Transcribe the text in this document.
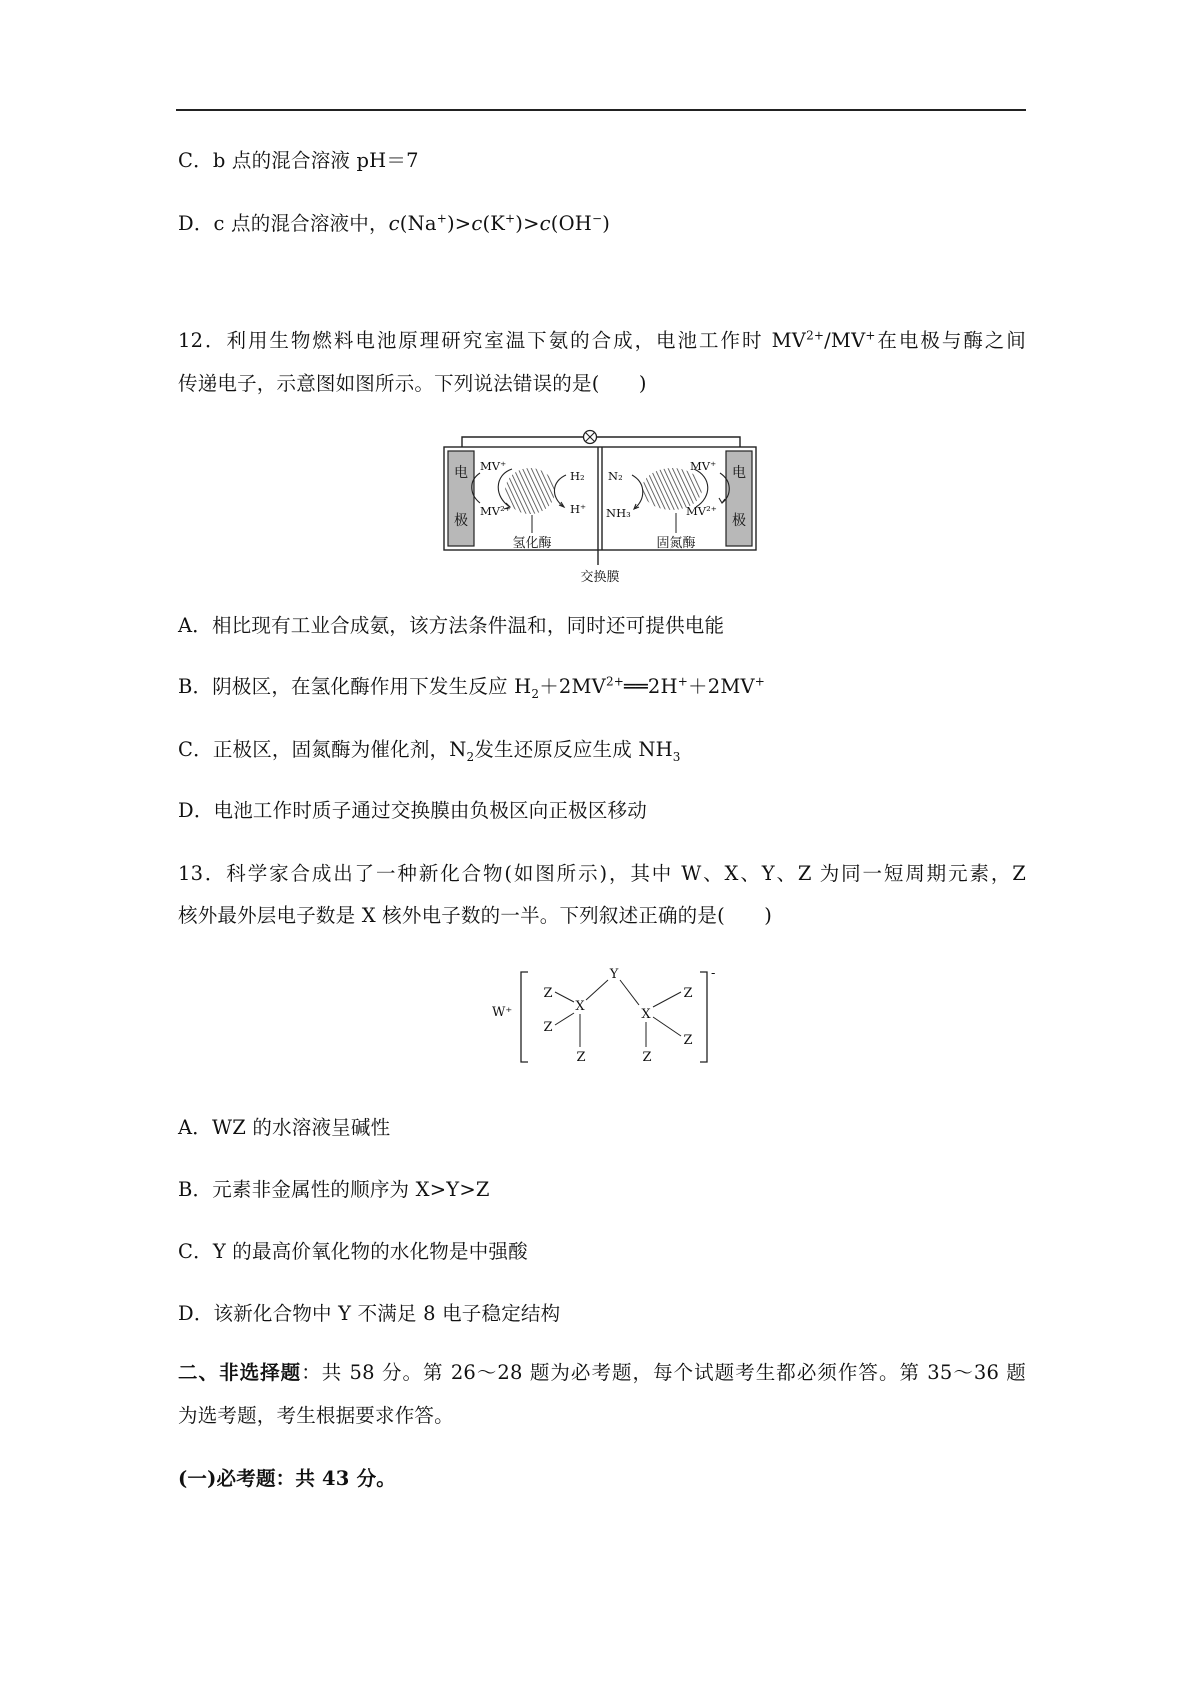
C．b 点的混合溶液 pH＝7
D．c 点的混合溶液中，c(Na+)>c(K+)>c(OH−)
12．利用生物燃料电池原理研究室温下氨的合成，电池工作时 $MV^{2+}/MV^+$在电极与酶之间
传递电子，示意图如图所示。下列说法错误的是(　　)
电
极
电
极
MV⁺
MV²⁺
H₂
H⁺
氢化酶
N₂
NH₃
MV⁺
MV²⁺
固氮酶
交换膜
A．相比现有工业合成氨，该方法条件温和，同时还可提供电能
B．阴极区，在氢化酶作用下发生反应 $H_2+2MV^{2+}══2H^++2MV^+$
C．正极区，固氮酶为催化剂，$N_2$发生还原反应生成 $NH_3$
D．电池工作时质子通过交换膜由负极区向正极区移动
13．科学家合成出了一种新化合物(如图所示)，其中 W、X、Y、Z 为同一短周期元素，Z
核外最外层电子数是 X 核外电子数的一半。下列叙述正确的是(　　)
W⁺
-
Y
X
X
Z
Z
Z
Z
Z
Z
A．WZ 的水溶液呈碱性
B．元素非金属性的顺序为 X>Y>Z
C．Y 的最高价氧化物的水化物是中强酸
D．该新化合物中 Y 不满足 8 电子稳定结构
二、非选择题：共 58 分。第 26～28 题为必考题，每个试题考生都必须作答。第 35～36 题
为选考题，考生根据要求作答。
(一)必考题：共 43 分。
